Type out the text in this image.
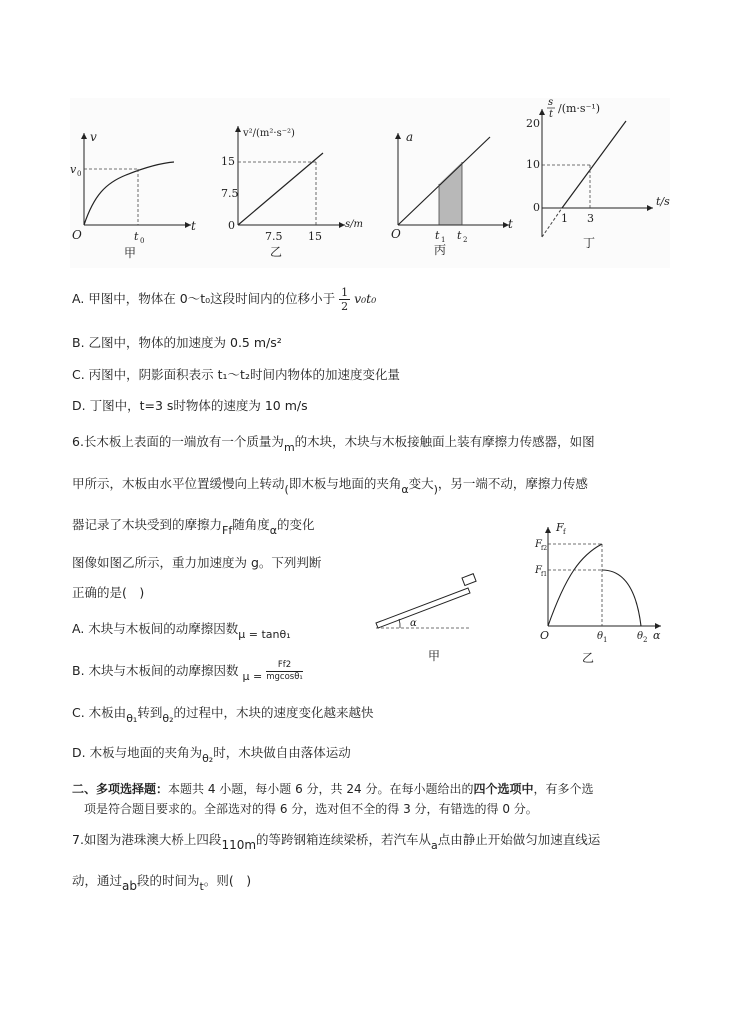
v
t
O
v 0
t 0
甲
v²/(m²·s⁻²)
s/m
0
15
7.5
7.5 15
乙
a
t
O	t 1 t 2
丙
s
t /(m·s⁻¹)
t/s
0
20
10
1 3
丁
A. 甲图中，物体在 0～t₀这段时间内的位移小于 $\frac{1}{2} v_0t_0$
B. 乙图中，物体的加速度为 0.5 m/s²
C. 丙图中，阴影面积表示 t₁～t₂时间内物体的加速度变化量
D. 丁图中，t=3 s时物体的速度为 10 m/s
6.长木板上表面的一端放有一个质量为m的木块，木块与木板接触面上装有摩擦力传感器，如图
甲所示，木板由水平位置缓慢向上转动(即木板与地面的夹角α变大)，另一端不动，摩擦力传感
器记录了木块受到的摩擦力Ff随角度α的变化
图像如图乙所示，重力加速度为 g。下列判断
正确的是(　)
A. 木块与木板间的动摩擦因数μ = tanθ₁
B. 木块与木板间的动摩擦因数 $\mu = \frac{Ff2}{\text{mgcosθ₁}}$
C. 木板由θ₁转到θ₂的过程中，木块的速度变化越来越快
D. 木板与地面的夹角为θ₂时，木块做自由落体运动
α
甲
F f
F f2
F f1
O	θ 1	θ 2 α
乙
二、多项选择题：本题共 4 小题，每小题 6 分，共 24 分。在每小题给出的四个选项中，有多个选
项是符合题目要求的。全部选对的得 6 分，选对但不全的得 3 分，有错选的得 0 分。
7.如图为港珠澳大桥上四段110m的等跨钢箱连续梁桥，若汽车从a点由静止开始做匀加速直线运
动，通过ab段的时间为t。则(　)
